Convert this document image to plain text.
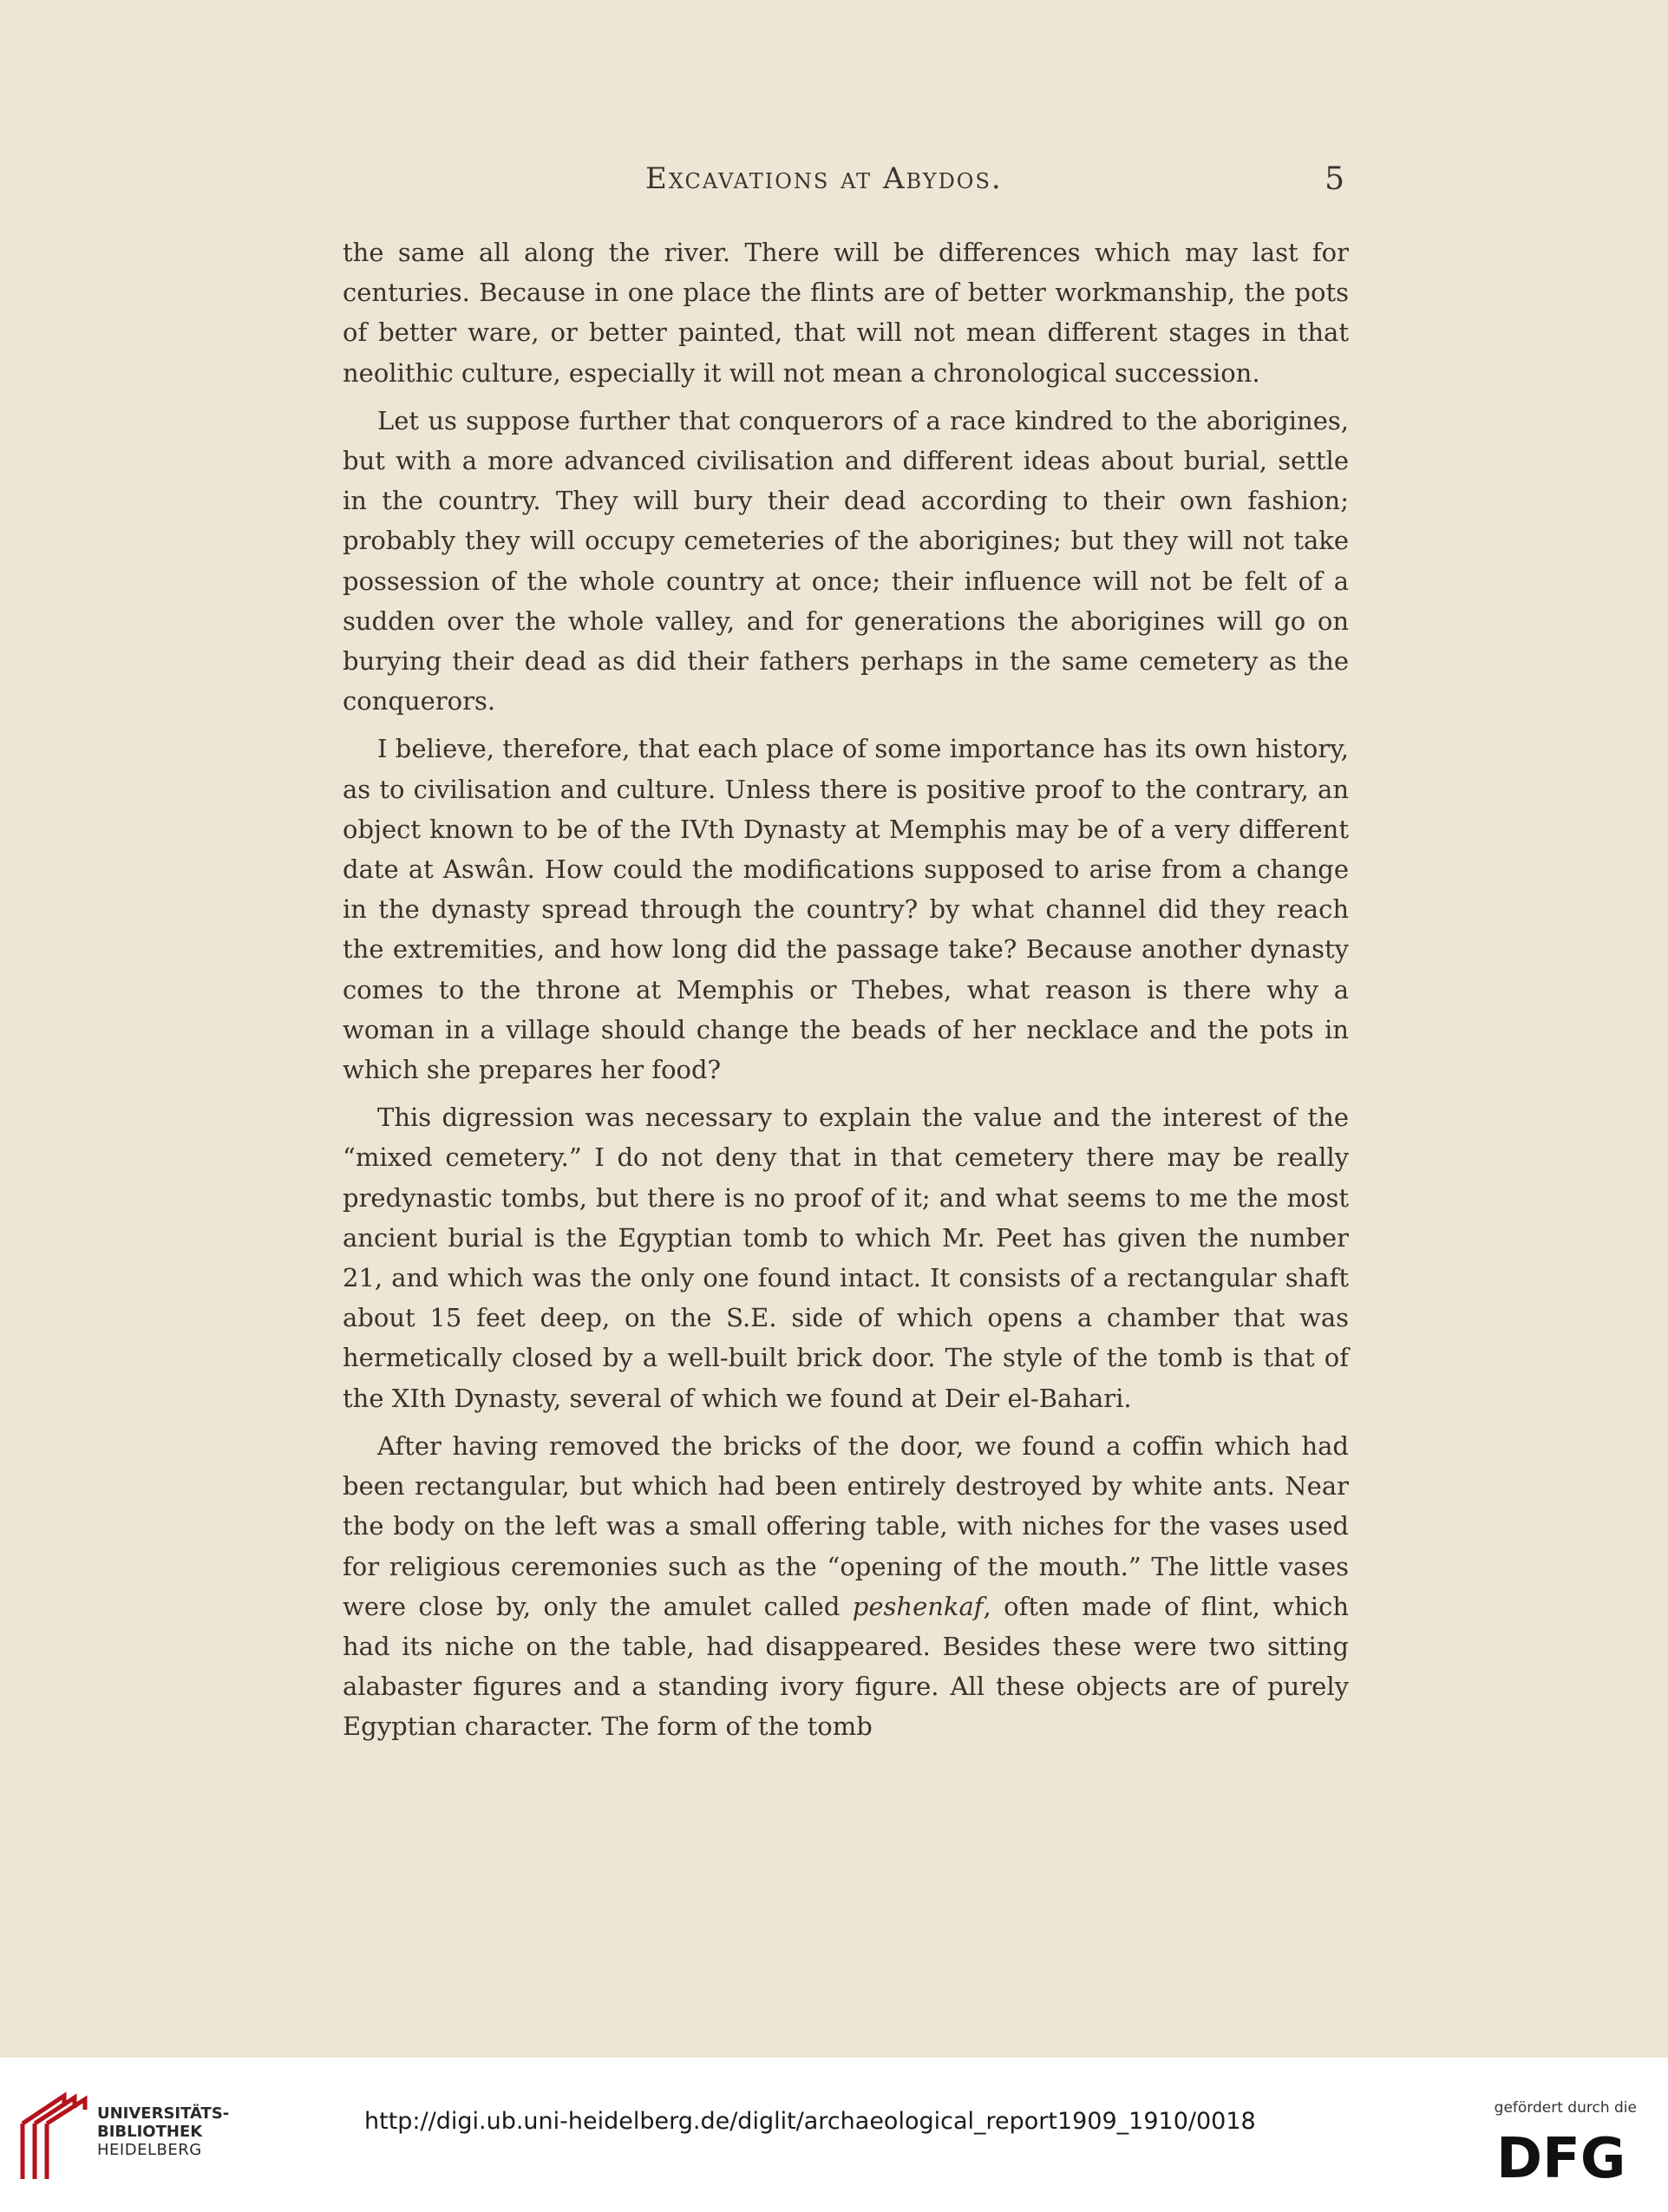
Excavations at Abydos.	5

the same all along the river. There will be differences which may last for centuries. Because in one place the flints are of better workmanship, the pots of better ware, or better painted, that will not mean different stages in that neolithic culture, especially it will not mean a chronological succession.

Let us suppose further that conquerors of a race kindred to the aborigines, but with a more advanced civilisation and different ideas about burial, settle in the country. They will bury their dead according to their own fashion; probably they will occupy cemeteries of the aborigines; but they will not take possession of the whole country at once; their influence will not be felt of a sudden over the whole valley, and for generations the aborigines will go on burying their dead as did their fathers perhaps in the same cemetery as the conquerors.

I believe, therefore, that each place of some importance has its own history, as to civilisation and culture. Unless there is positive proof to the contrary, an object known to be of the IVth Dynasty at Memphis may be of a very different date at Aswân. How could the modifications supposed to arise from a change in the dynasty spread through the country? by what channel did they reach the extremities, and how long did the passage take? Because another dynasty comes to the throne at Memphis or Thebes, what reason is there why a woman in a village should change the beads of her necklace and the pots in which she prepares her food?

This digression was necessary to explain the value and the interest of the “mixed cemetery.” I do not deny that in that cemetery there may be really predynastic tombs, but there is no proof of it; and what seems to me the most ancient burial is the Egyptian tomb to which Mr. Peet has given the number 21, and which was the only one found intact. It consists of a rectangular shaft about 15 feet deep, on the S.E. side of which opens a chamber that was hermetically closed by a well-built brick door. The style of the tomb is that of the XIth Dynasty, several of which we found at Deir el-Bahari.

After having removed the bricks of the door, we found a coffin which had been rectangular, but which had been entirely destroyed by white ants. Near the body on the left was a small offering table, with niches for the vases used for religious ceremonies such as the “opening of the mouth.” The little vases were close by, only the amulet called peshenkaf, often made of flint, which had its niche on the table, had disappeared. Besides these were two sitting alabaster figures and a standing ivory figure. All these objects are of purely Egyptian character. The form of the tomb

UNIVERSITÄTS-
BIBLIOTHEK
HEIDELBERG
http://digi.ub.uni-heidelberg.de/diglit/archaeological_report1909_1910/0018	gefördert durch die
DFG
